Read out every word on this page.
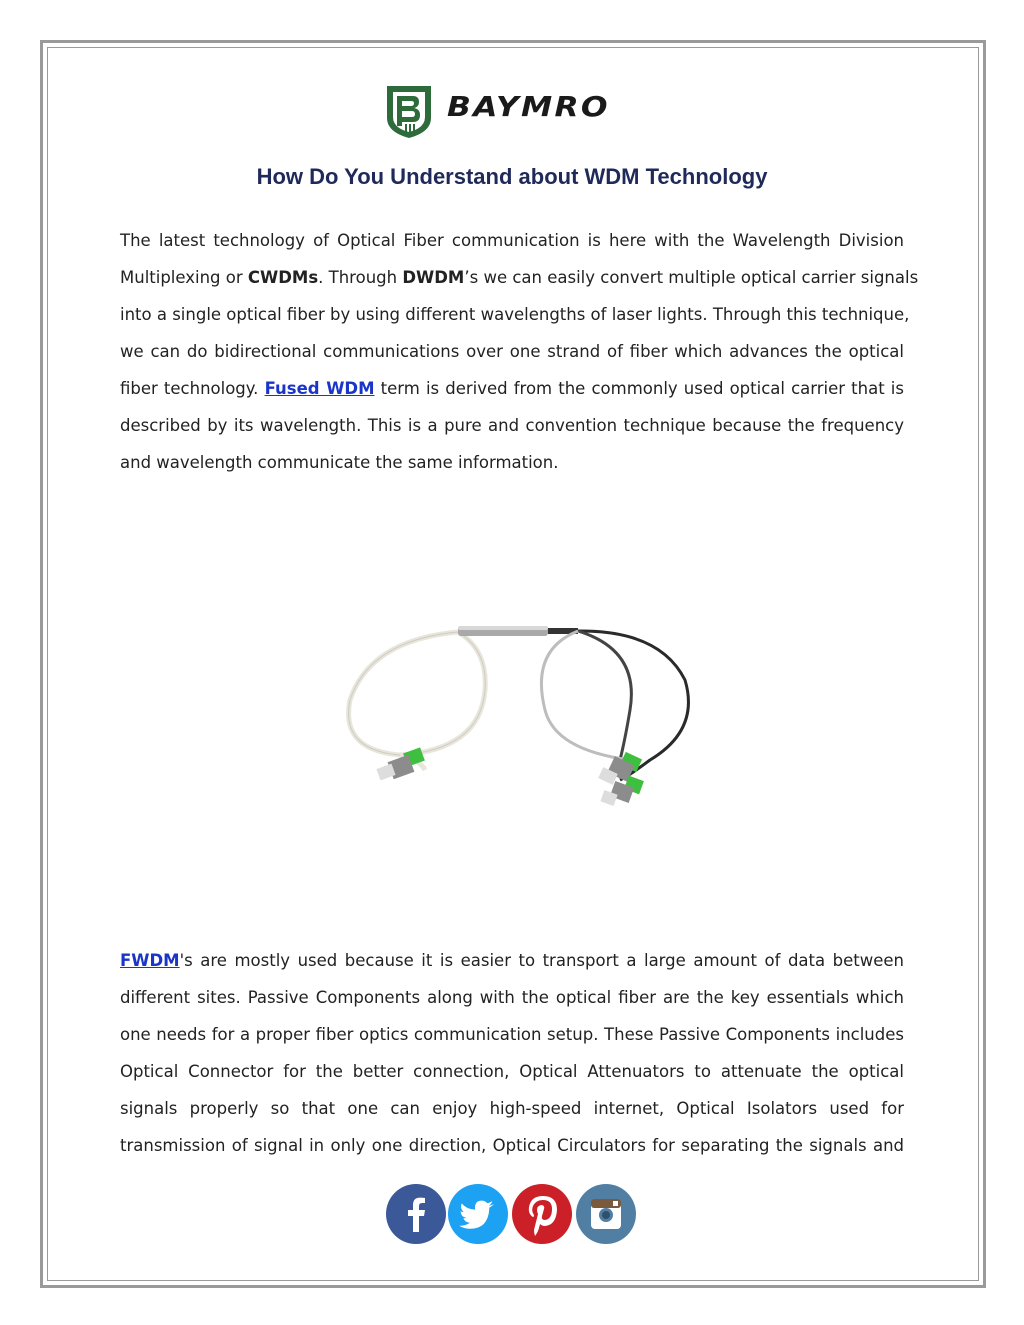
BAYMRO
How Do You Understand about WDM Technology
The latest technology of Optical Fiber communication is here with the Wavelength Division
Multiplexing or CWDMs. Through DWDM’s we can easily convert multiple optical carrier signals
into a single optical fiber by using different wavelengths of laser lights. Through this technique,
we can do bidirectional communications over one strand of fiber which advances the optical
fiber technology. Fused WDM term is derived from the commonly used optical carrier that is
described by its wavelength. This is a pure and convention technique because the frequency
and wavelength communicate the same information.
FWDM's are mostly used because it is easier to transport a large amount of data between
different sites. Passive Components along with the optical fiber are the key essentials which
one needs for a proper fiber optics communication setup. These Passive Components includes
Optical Connector for the better connection, Optical Attenuators to attenuate the optical
signals properly so that one can enjoy high-speed internet, Optical Isolators used for
transmission of signal in only one direction, Optical Circulators for separating the signals and
